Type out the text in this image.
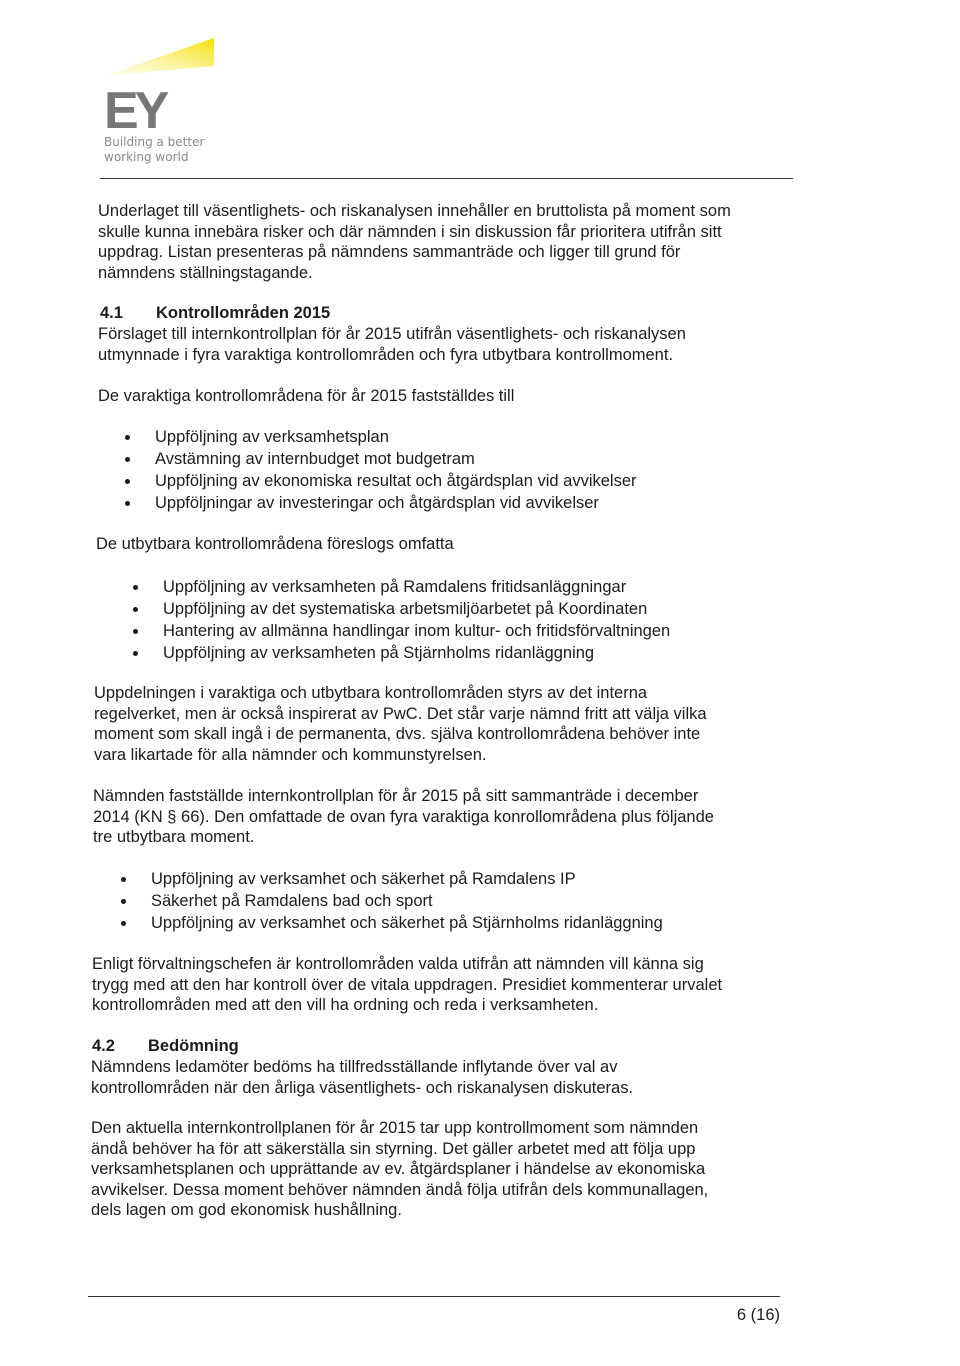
EY
Building a better
working world

Underlaget till väsentlighets- och riskanalysen innehåller en bruttolista på moment som
skulle kunna innebära risker och där nämnden i sin diskussion får prioritera utifrån sitt
uppdrag. Listan presenteras på nämndens sammanträde och ligger till grund för
nämndens ställningstagande.

4.1 Kontrollområden 2015

Förslaget till internkontrollplan för år 2015 utifrån väsentlighets- och riskanalysen
utmynnade i fyra varaktiga kontrollområden och fyra utbytbara kontrollmoment.

De varaktiga kontrollområdena för år 2015 fastställdes till

Uppföljning av verksamhetsplan
Avstämning av internbudget mot budgetram
Uppföljning av ekonomiska resultat och åtgärdsplan vid avvikelser
Uppföljningar av investeringar och åtgärdsplan vid avvikelser

De utbytbara kontrollområdena föreslogs omfatta

Uppföljning av verksamheten på Ramdalens fritidsanläggningar
Uppföljning av det systematiska arbetsmiljöarbetet på Koordinaten
Hantering av allmänna handlingar inom kultur- och fritidsförvaltningen
Uppföljning av verksamheten på Stjärnholms ridanläggning

Uppdelningen i varaktiga och utbytbara kontrollområden styrs av det interna
regelverket, men är också inspirerat av PwC. Det står varje nämnd fritt att välja vilka
moment som skall ingå i de permanenta, dvs. själva kontrollområdena behöver inte
vara likartade för alla nämnder och kommunstyrelsen.

Nämnden fastställde internkontrollplan för år 2015 på sitt sammanträde i december
2014 (KN § 66). Den omfattade de ovan fyra varaktiga konrollområdena plus följande
tre utbytbara moment.

Uppföljning av verksamhet och säkerhet på Ramdalens IP
Säkerhet på Ramdalens bad och sport
Uppföljning av verksamhet och säkerhet på Stjärnholms ridanläggning

Enligt förvaltningschefen är kontrollområden valda utifrån att nämnden vill känna sig
trygg med att den har kontroll över de vitala uppdragen. Presidiet kommenterar urvalet
kontrollområden med att den vill ha ordning och reda i verksamheten.

4.2 Bedömning

Nämndens ledamöter bedöms ha tillfredsställande inflytande över val av
kontrollområden när den årliga väsentlighets- och riskanalysen diskuteras.

Den aktuella internkontrollplanen för år 2015 tar upp kontrollmoment som nämnden
ändå behöver ha för att säkerställa sin styrning. Det gäller arbetet med att följa upp
verksamhetsplanen och upprättande av ev. åtgärdsplaner i händelse av ekonomiska
avvikelser. Dessa moment behöver nämnden ändå följa utifrån dels kommunallagen,
dels lagen om god ekonomisk hushållning.

6 (16)
